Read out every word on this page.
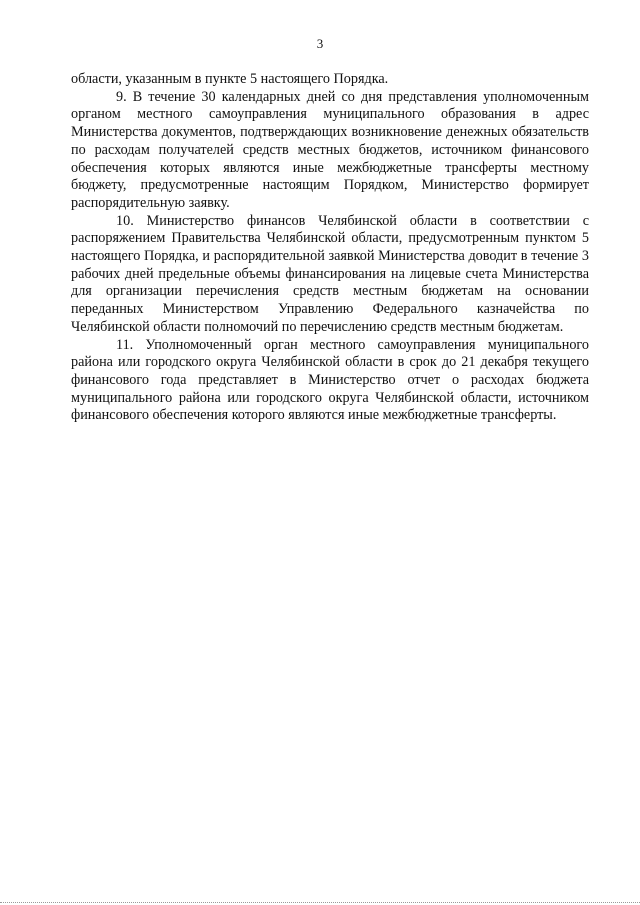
3

области, указанным в пункте 5 настоящего Порядка.

9. В течение 30 календарных дней со дня представления уполномоченным органом местного самоуправления муниципального образования в адрес Министерства документов, подтверждающих возникновение денежных обязательств по расходам получателей средств местных бюджетов, источником финансового обеспечения которых являются иные межбюджетные трансферты местному бюджету, предусмотренные настоящим Порядком, Министерство формирует распорядительную заявку.

10. Министерство финансов Челябинской области в соответствии с распоряжением Правительства Челябинской области, предусмотренным пунктом 5 настоящего Порядка, и распорядительной заявкой Министерства доводит в течение 3 рабочих дней предельные объемы финансирования на лицевые счета Министерства для организации перечисления средств местным бюджетам на основании переданных Министерством Управлению Федерального казначейства по Челябинской области полномочий по перечислению средств местным бюджетам.

11. Уполномоченный орган местного самоуправления муниципального района или городского округа Челябинской области в срок до 21 декабря текущего финансового года представляет в Министерство отчет о расходах бюджета муниципального района или городского округа Челябинской области, источником финансового обеспечения которого являются иные межбюджетные трансферты.
